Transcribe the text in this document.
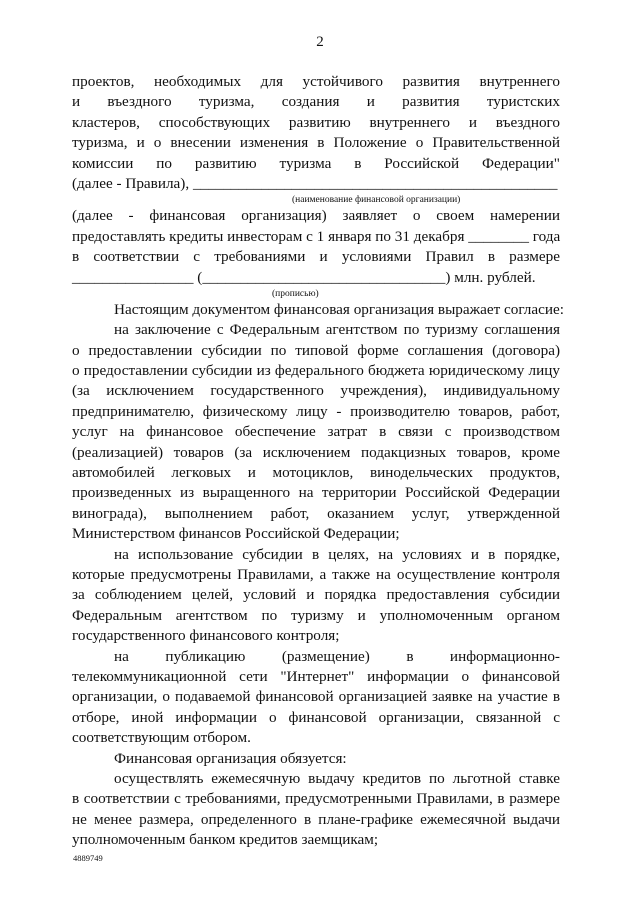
2
проектов, необходимых для устойчивого развития внутреннего
и въездного туризма, создания и развития туристских
кластеров, способствующих развитию внутреннего и въездного
туризма, и о внесении изменения в Положение о Правительственной
комиссии по развитию туризма в Российской Федерации"
(далее - Правила), ________________________________________________
(наименование финансовой организации)
(далее - финансовая организация) заявляет о своем намерении
предоставлять кредиты инвесторам с 1 января по 31 декабря ________ года
в соответствии с требованиями и условиями Правил в размере
________________ (________________________________) млн. рублей.
(прописью)
Настоящим документом финансовая организация выражает согласие:
на заключение с Федеральным агентством по туризму соглашения
о предоставлении субсидии по типовой форме соглашения (договора)
о предоставлении субсидии из федерального бюджета юридическому лицу
(за исключением государственного учреждения), индивидуальному
предпринимателю, физическому лицу - производителю товаров, работ,
услуг на финансовое обеспечение затрат в связи с производством
(реализацией) товаров (за исключением подакцизных товаров, кроме
автомобилей легковых и мотоциклов, винодельческих продуктов,
произведенных из выращенного на территории Российской Федерации
винограда), выполнением работ, оказанием услуг, утвержденной
Министерством финансов Российской Федерации;
на использование субсидии в целях, на условиях и в порядке,
которые предусмотрены Правилами, а также на осуществление контроля
за соблюдением целей, условий и порядка предоставления субсидии
Федеральным агентством по туризму и уполномоченным органом
государственного финансового контроля;
на публикацию (размещение) в информационно-
телекоммуникационной сети "Интернет" информации о финансовой
организации, о подаваемой финансовой организацией заявке на участие в
отборе, иной информации о финансовой организации, связанной с
соответствующим отбором.
Финансовая организация обязуется:
осуществлять ежемесячную выдачу кредитов по льготной ставке
в соответствии с требованиями, предусмотренными Правилами, в размере
не менее размера, определенного в плане-графике ежемесячной выдачи
уполномоченным банком кредитов заемщикам;
4889749
